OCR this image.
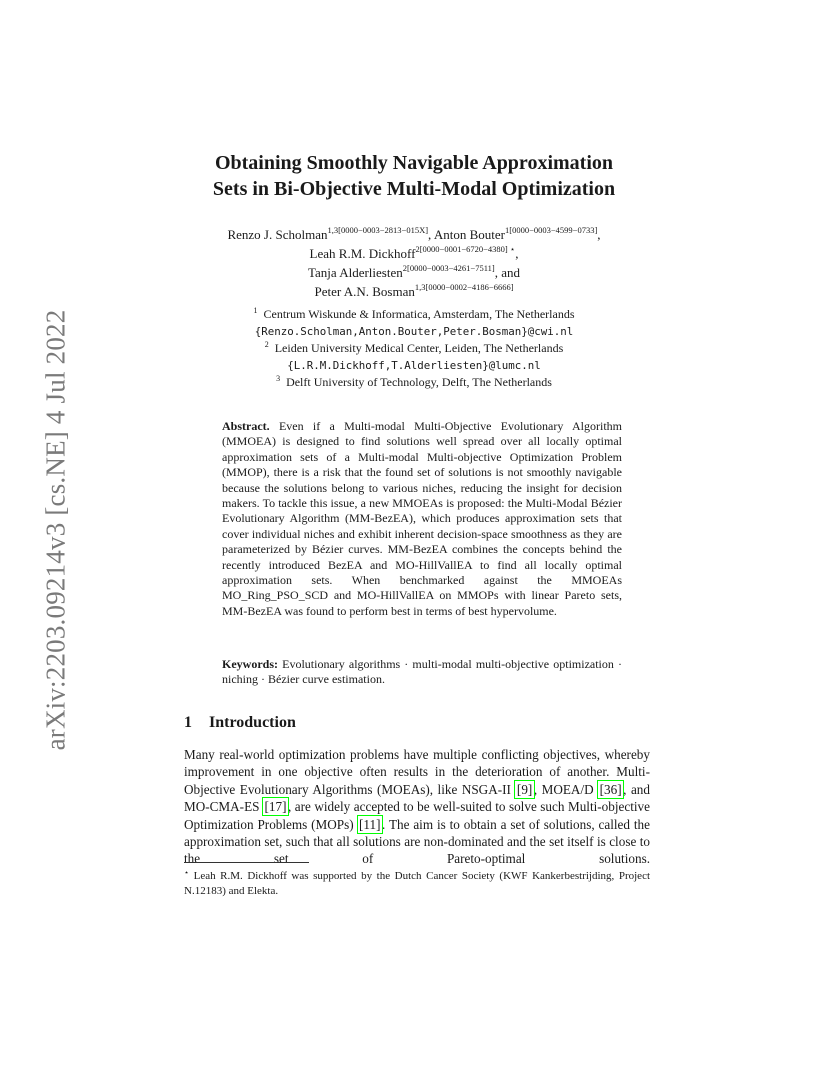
arXiv:2203.09214v3 [cs.NE] 4 Jul 2022
Obtaining Smoothly Navigable Approximation
Sets in Bi-Objective Multi-Modal Optimization
Renzo J. Scholman$^{1,3[0000-0003-2813-015X]}$, Anton Bouter$^{1[0000-0003-4599-0733]}$,
Leah R.M. Dickhoff$^{2[0000-0001-6720-4380] ⋆}$,
Tanja Alderliesten$^{2[0000-0003-4261-7511]}$, and
Peter A.N. Bosman$^{1,3[0000-0002-4186-6666]}$
$^1$ Centrum Wiskunde & Informatica, Amsterdam, The Netherlands
{Renzo.Scholman,Anton.Bouter,Peter.Bosman}@cwi.nl
$^2$ Leiden University Medical Center, Leiden, The Netherlands
{L.R.M.Dickhoff,T.Alderliesten}@lumc.nl
$^3$ Delft University of Technology, Delft, The Netherlands
Abstract. Even if a Multi-modal Multi-Objective Evolutionary Algorithm (MMOEA) is designed to find solutions well spread over all locally optimal approximation sets of a Multi-modal Multi-objective Optimization Problem (MMOP), there is a risk that the found set of solutions is not smoothly navigable because the solutions belong to various niches, reducing the insight for decision makers. To tackle this issue, a new MMOEAs is proposed: the Multi-Modal Bézier Evolutionary Algorithm (MM-BezEA), which produces approximation sets that cover individual niches and exhibit inherent decision-space smoothness as they are parameterized by Bézier curves. MM-BezEA combines the concepts behind the recently introduced BezEA and MO-HillVallEA to find all locally optimal approximation sets. When benchmarked against the MMOEAs MO_Ring_PSO_SCD and MO-HillVallEA on MMOPs with linear Pareto sets, MM-BezEA was found to perform best in terms of best hypervolume.
Keywords: Evolutionary algorithms · multi-modal multi-objective optimization · niching · Bézier curve estimation.
1 Introduction
Many real-world optimization problems have multiple conflicting objectives, whereby improvement in one objective often results in the deterioration of another. Multi-Objective Evolutionary Algorithms (MOEAs), like NSGA-II [9] , MOEA/D [36] , and MO-CMA-ES [17] , are widely accepted to be well-suited to solve such Multi-objective Optimization Problems (MOPs) [11] . The aim is to obtain a set of solutions, called the approximation set, such that all solutions are non-dominated and the set itself is close to the set of Pareto-optimal solutions.
⋆ Leah R.M. Dickhoff was supported by the Dutch Cancer Society (KWF Kankerbestrijding, Project N.12183) and Elekta.
